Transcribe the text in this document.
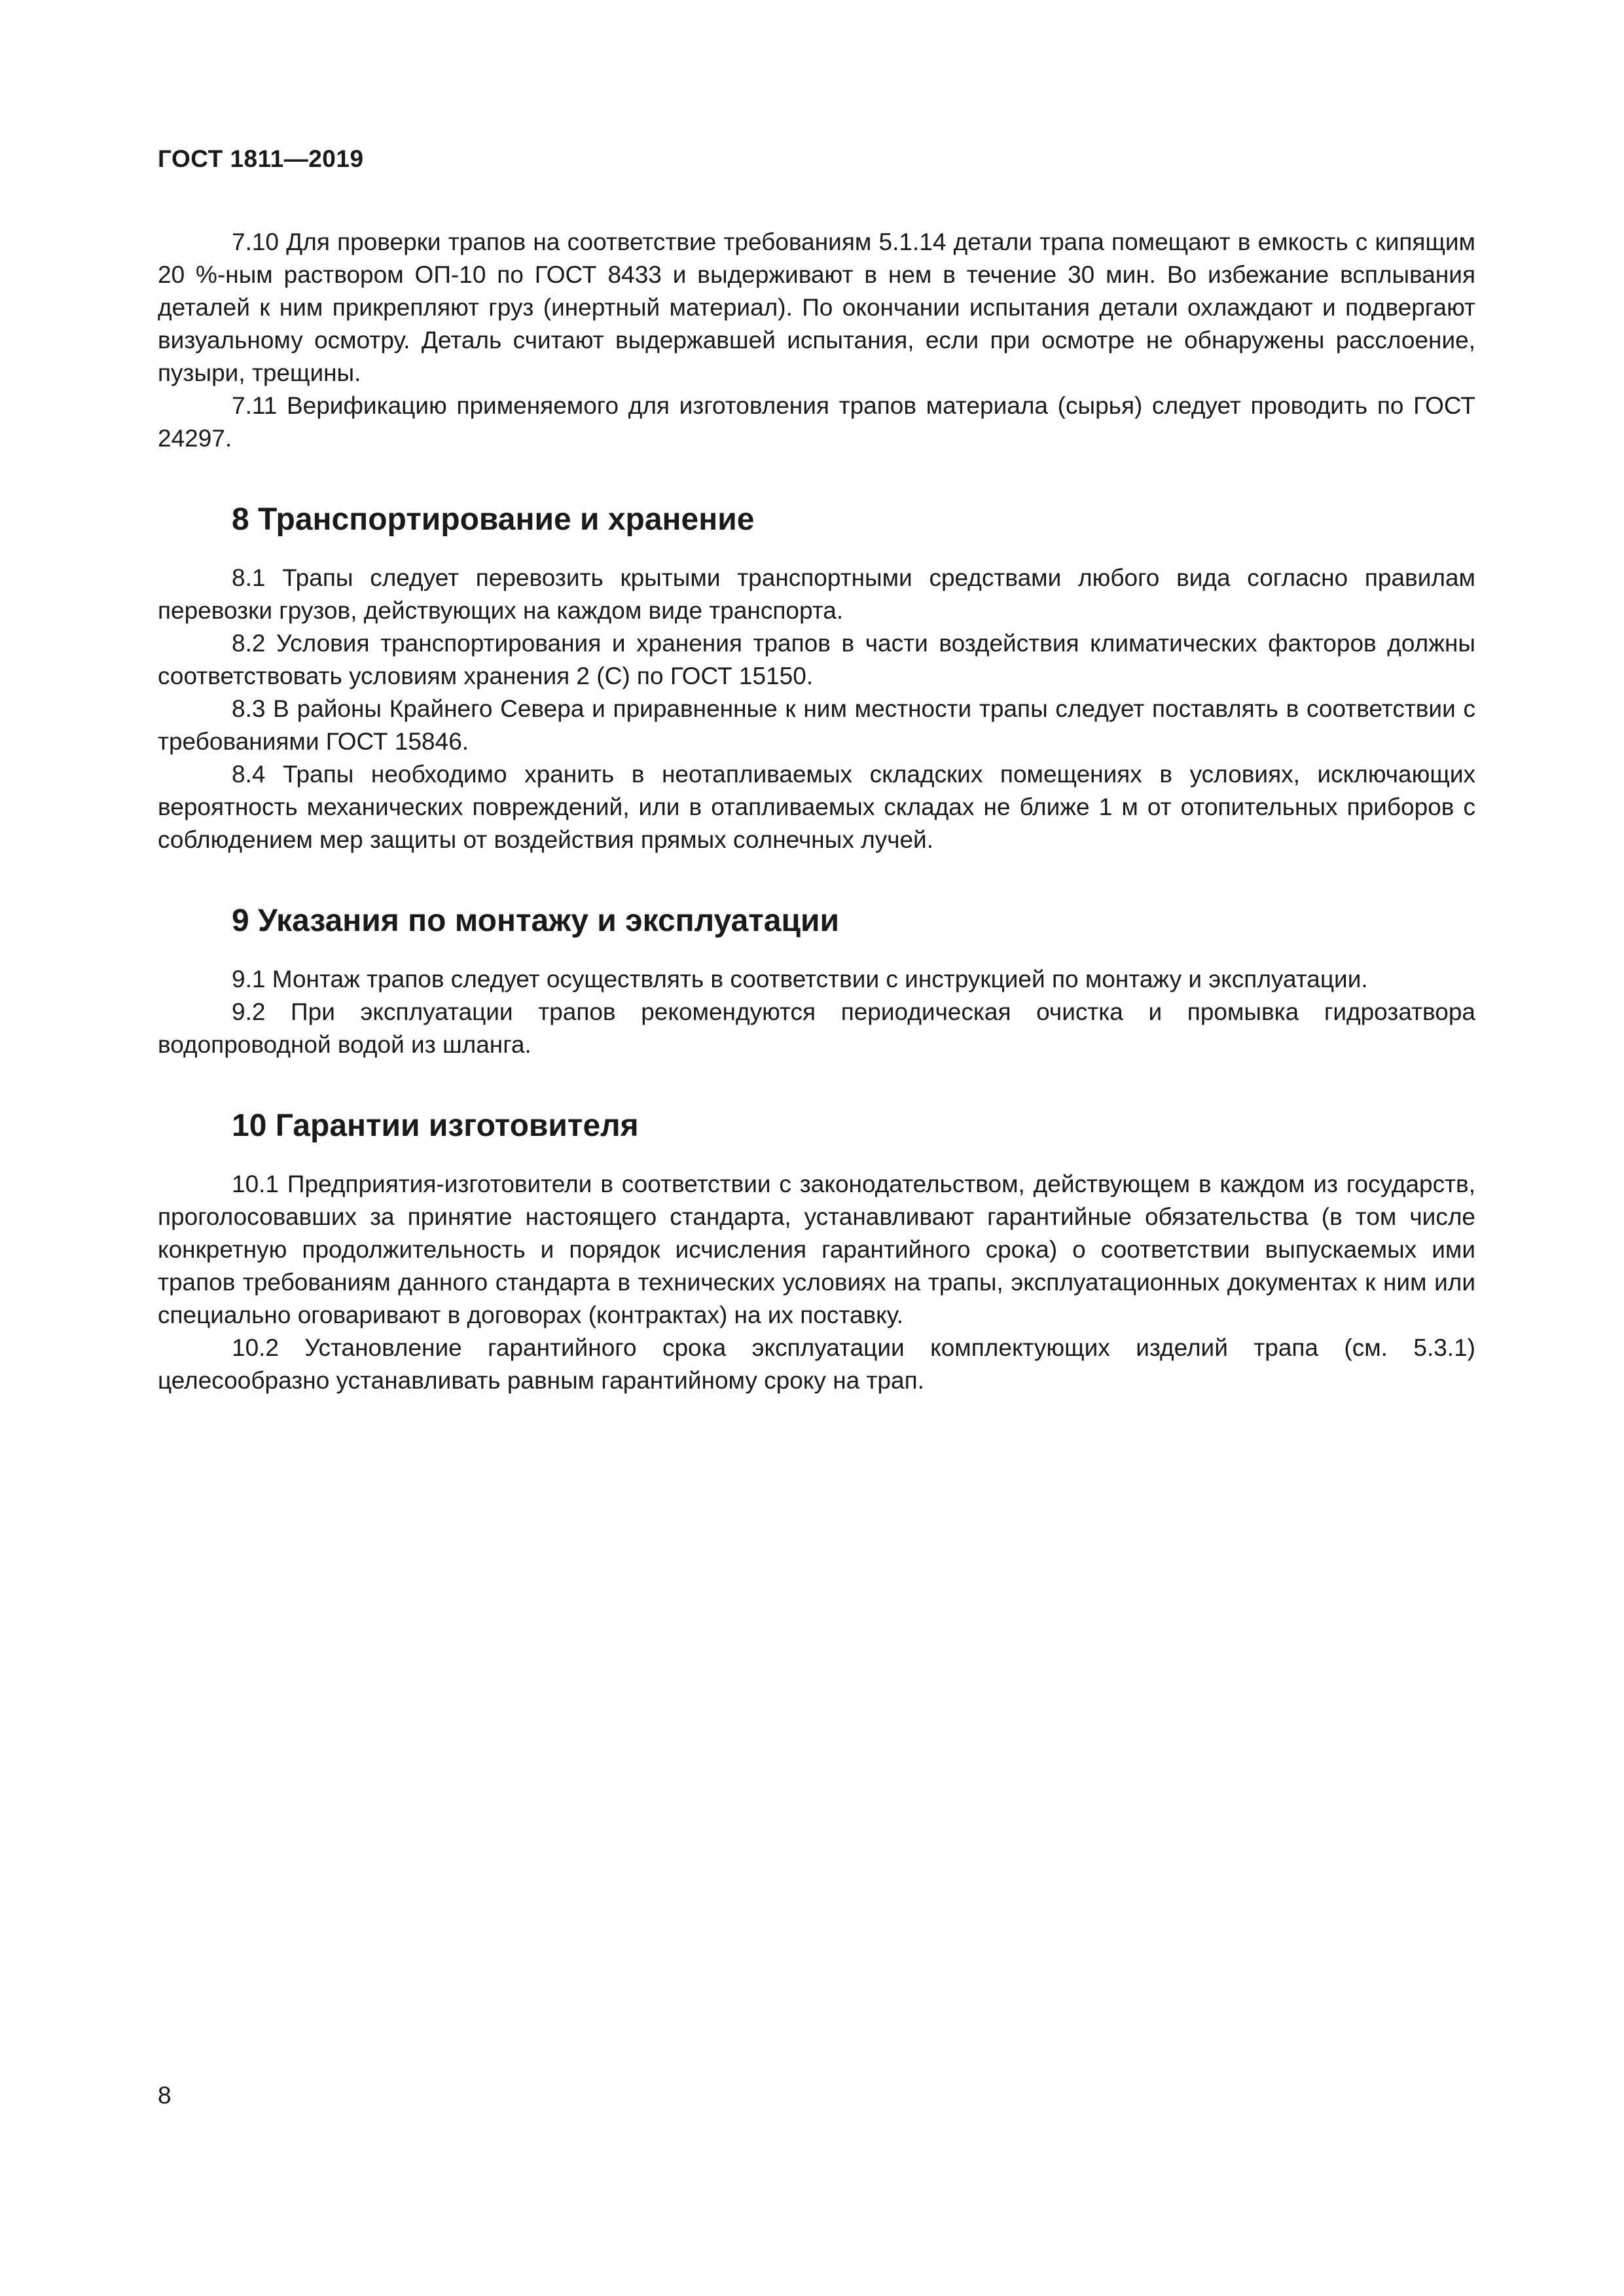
ГОСТ 1811—2019

7.10 Для проверки трапов на соответствие требованиям 5.1.14 детали трапа помещают в емкость с кипящим 20 %-ным раствором ОП-10 по ГОСТ 8433 и выдерживают в нем в течение 30 мин. Во избежание всплывания деталей к ним прикрепляют груз (инертный материал). По окончании испытания детали охлаждают и подвергают визуальному осмотру. Деталь считают выдержавшей испытания, если при осмотре не обнаружены расслоение, пузыри, трещины.

7.11 Верификацию применяемого для изготовления трапов материала (сырья) следует проводить по ГОСТ 24297.

8 Транспортирование и хранение

8.1 Трапы следует перевозить крытыми транспортными средствами любого вида согласно правилам перевозки грузов, действующих на каждом виде транспорта.

8.2 Условия транспортирования и хранения трапов в части воздействия климатических факторов должны соответствовать условиям хранения 2 (С) по ГОСТ 15150.

8.3 В районы Крайнего Севера и приравненные к ним местности трапы следует поставлять в соответствии с требованиями ГОСТ 15846.

8.4 Трапы необходимо хранить в неотапливаемых складских помещениях в условиях, исключающих вероятность механических повреждений, или в отапливаемых складах не ближе 1 м от отопительных приборов с соблюдением мер защиты от воздействия прямых солнечных лучей.

9 Указания по монтажу и эксплуатации

9.1 Монтаж трапов следует осуществлять в соответствии с инструкцией по монтажу и эксплуатации.

9.2 При эксплуатации трапов рекомендуются периодическая очистка и промывка гидрозатвора водопроводной водой из шланга.

10 Гарантии изготовителя

10.1 Предприятия-изготовители в соответствии с законодательством, действующем в каждом из государств, проголосовавших за принятие настоящего стандарта, устанавливают гарантийные обязательства (в том числе конкретную продолжительность и порядок исчисления гарантийного срока) о соответствии выпускаемых ими трапов требованиям данного стандарта в технических условиях на трапы, эксплуатационных документах к ним или специально оговаривают в договорах (контрактах) на их поставку.

10.2 Установление гарантийного срока эксплуатации комплектующих изделий трапа (см. 5.3.1) целесообразно устанавливать равным гарантийному сроку на трап.

8
